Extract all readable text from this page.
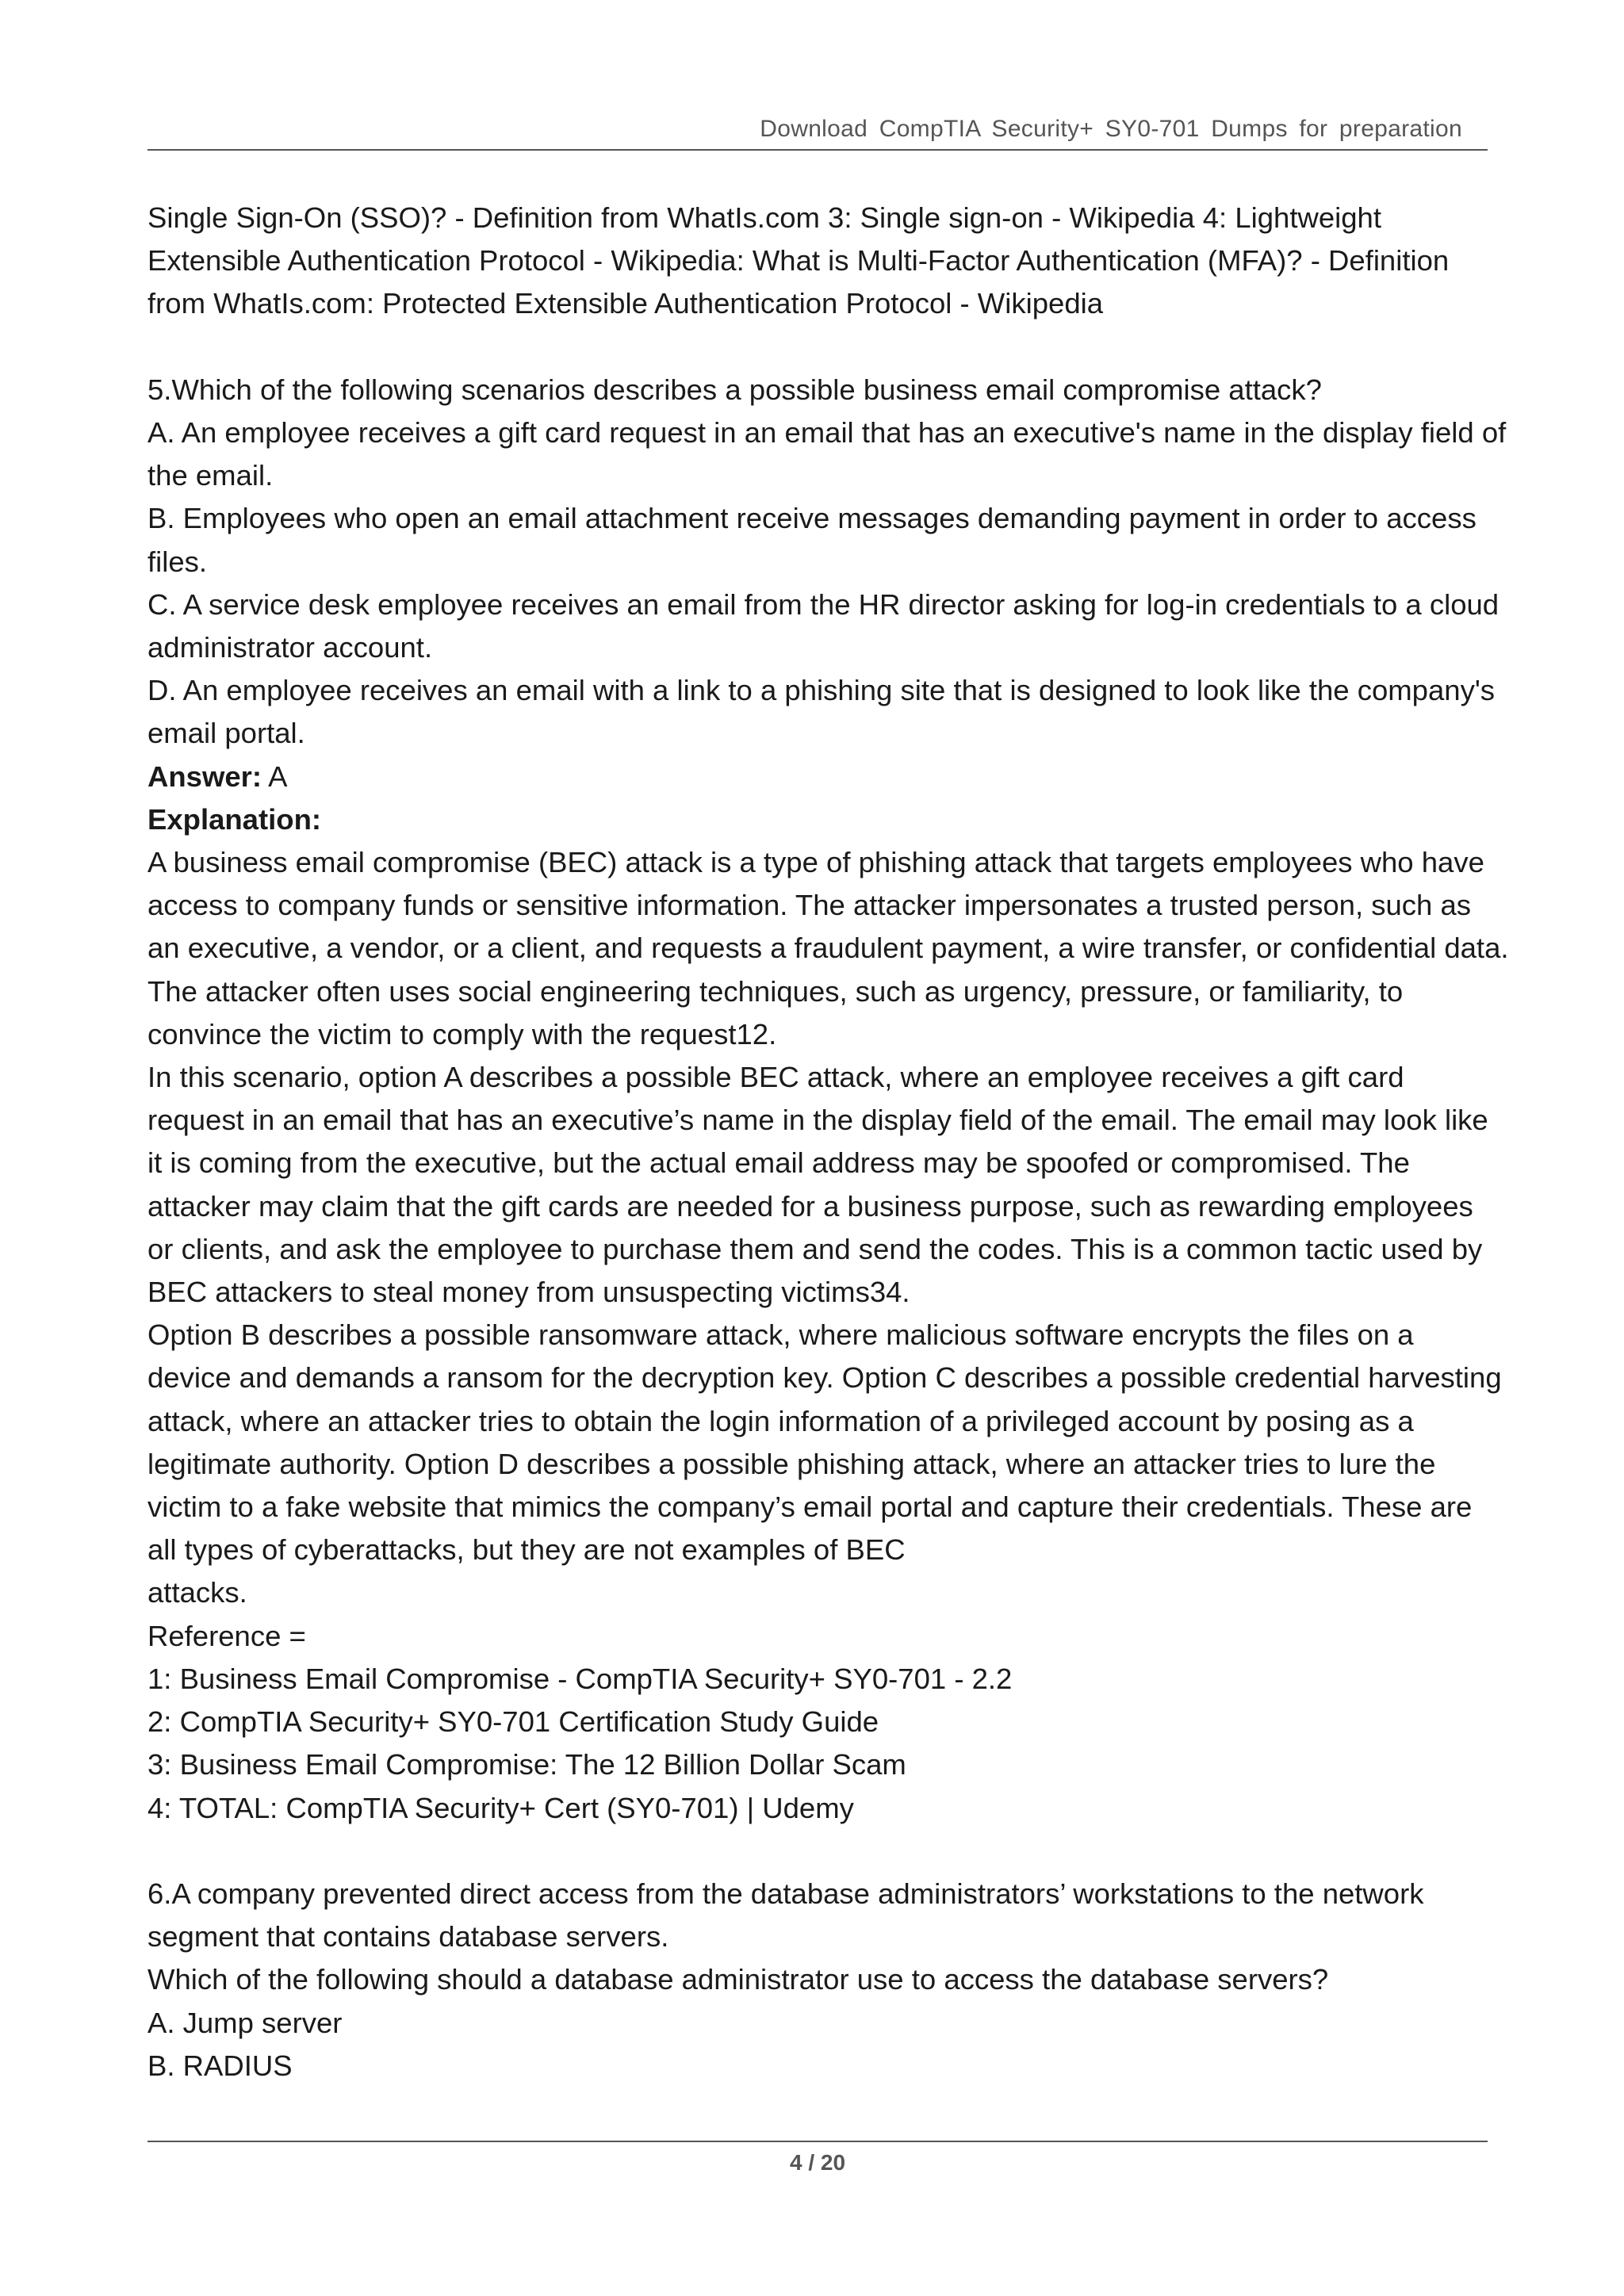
Download CompTIA Security+ SY0-701 Dumps for preparation
Single Sign-On (SSO)? - Definition from WhatIs.com 3: Single sign-on - Wikipedia 4: Lightweight
Extensible Authentication Protocol - Wikipedia: What is Multi-Factor Authentication (MFA)? - Definition
from WhatIs.com: Protected Extensible Authentication Protocol - Wikipedia
5.Which of the following scenarios describes a possible business email compromise attack?
A. An employee receives a gift card request in an email that has an executive's name in the display field of
the email.
B. Employees who open an email attachment receive messages demanding payment in order to access
files.
C. A service desk employee receives an email from the HR director asking for log-in credentials to a cloud
administrator account.
D. An employee receives an email with a link to a phishing site that is designed to look like the company's
email portal.
Answer: A
Explanation:
A business email compromise (BEC) attack is a type of phishing attack that targets employees who have
access to company funds or sensitive information. The attacker impersonates a trusted person, such as
an executive, a vendor, or a client, and requests a fraudulent payment, a wire transfer, or confidential data.
The attacker often uses social engineering techniques, such as urgency, pressure, or familiarity, to
convince the victim to comply with the request12.
In this scenario, option A describes a possible BEC attack, where an employee receives a gift card
request in an email that has an executive’s name in the display field of the email. The email may look like
it is coming from the executive, but the actual email address may be spoofed or compromised. The
attacker may claim that the gift cards are needed for a business purpose, such as rewarding employees
or clients, and ask the employee to purchase them and send the codes. This is a common tactic used by
BEC attackers to steal money from unsuspecting victims34.
Option B describes a possible ransomware attack, where malicious software encrypts the files on a
device and demands a ransom for the decryption key. Option C describes a possible credential harvesting
attack, where an attacker tries to obtain the login information of a privileged account by posing as a
legitimate authority. Option D describes a possible phishing attack, where an attacker tries to lure the
victim to a fake website that mimics the company’s email portal and capture their credentials. These are
all types of cyberattacks, but they are not examples of BEC
attacks.
Reference =
1: Business Email Compromise - CompTIA Security+ SY0-701 - 2.2
2: CompTIA Security+ SY0-701 Certification Study Guide
3: Business Email Compromise: The 12 Billion Dollar Scam
4: TOTAL: CompTIA Security+ Cert (SY0-701) | Udemy
6.A company prevented direct access from the database administrators’ workstations to the network
segment that contains database servers.
Which of the following should a database administrator use to access the database servers?
A. Jump server
B. RADIUS
4 / 20
